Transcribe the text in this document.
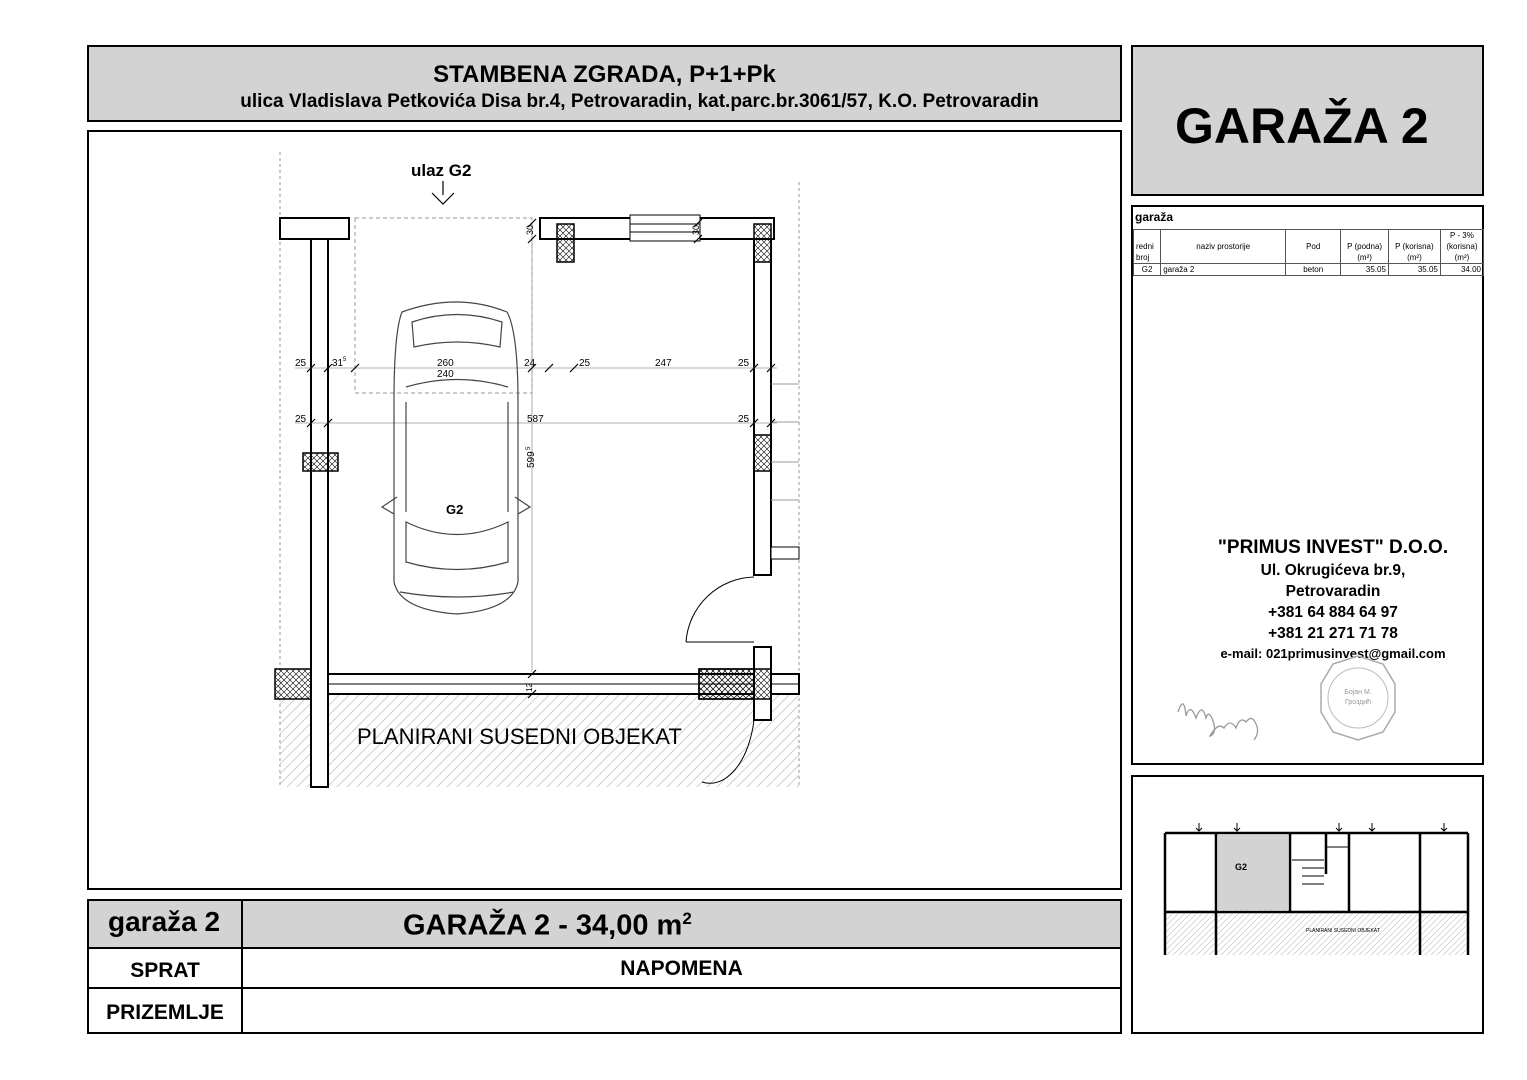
STAMBENA ZGRADA, P+1+Pk
ulica Vladislava Petkovića Disa br.4, Petrovaradin, kat.parc.br.3061/57, K.O. Petrovaradin	GARAŽA 2
25	31 5	260
240
24	25	247	25
25	587	25
599
5
30	30
12
G2
ulaz G2
PLANIRANI SUSEDNI OBJEKAT
garaža
					P - 3%
redni	naziv prostorije	Pod	P (podna)	P (korisna)	(korisna)
broj			(m²)	(m²)	(m²)
G2	garaža 2	beton	35.05	35.05	34.00
"PRIMUS INVEST" D.O.O.
Ul. Okrugićeva br.9,
Petrovaradin
+381 64 884 64 97
+381 21 271 71 78
e-mail: 021primusinvest@gmail.com
Бојан М.
Гроздић
G2
PLANIRANI SUSEDNI OBJEKAT
garaža 2	GARAŽA 2 - 34,00 $m^2$
SPRAT	NAPOMENA
PRIZEMLJE
